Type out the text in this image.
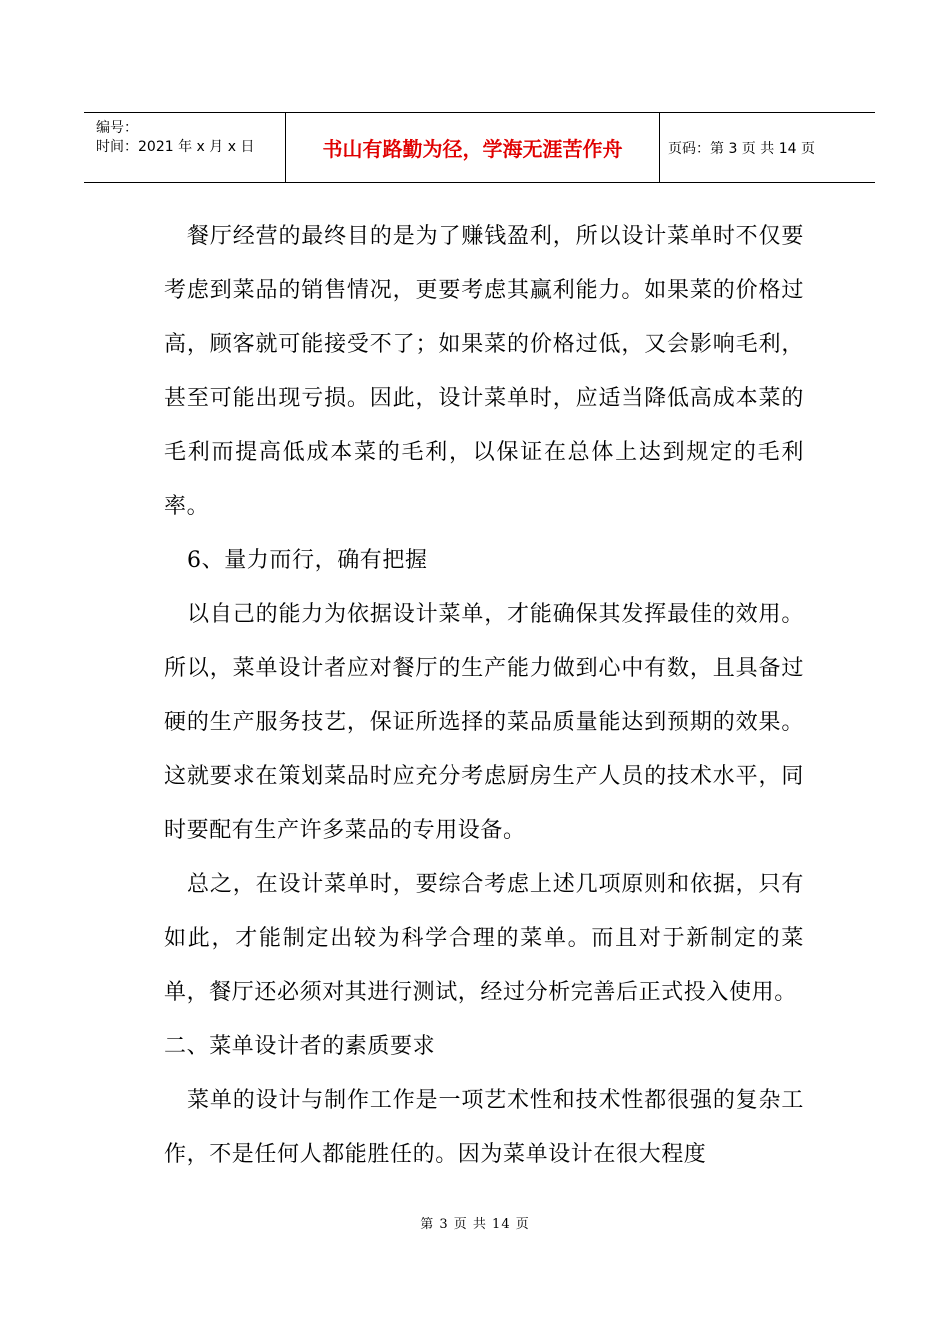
编号：
时间：2021 年 x 月 x 日	书山有路勤为径，学海无涯苦作舟	页码：第 3 页 共 14 页

餐厅经营的最终目的是为了赚钱盈利，所以设计菜单时不仅要考虑到菜品的销售情况，更要考虑其赢利能力。如果菜的价格过高，顾客就可能接受不了；如果菜的价格过低，又会影响毛利，甚至可能出现亏损。因此，设计菜单时，应适当降低高成本菜的毛利而提高低成本菜的毛利，以保证在总体上达到规定的毛利率。

6、量力而行，确有把握

以自己的能力为依据设计菜单，才能确保其发挥最佳的效用。所以，菜单设计者应对餐厅的生产能力做到心中有数，且具备过硬的生产服务技艺，保证所选择的菜品质量能达到预期的效果。这就要求在策划菜品时应充分考虑厨房生产人员的技术水平，同时要配有生产许多菜品的专用设备。

总之，在设计菜单时，要综合考虑上述几项原则和依据，只有如此，才能制定出较为科学合理的菜单。而且对于新制定的菜单，餐厅还必须对其进行测试，经过分析完善后正式投入使用。

二、菜单设计者的素质要求

菜单的设计与制作工作是一项艺术性和技术性都很强的复杂工作，不是任何人都能胜任的。因为菜单设计在很大程度

第 3 页 共 14 页
